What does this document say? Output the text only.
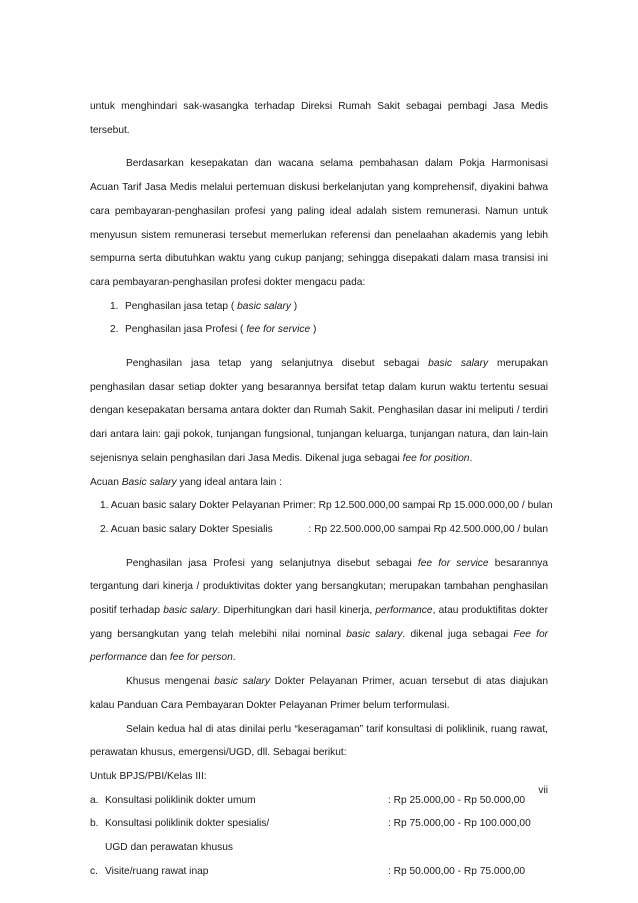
untuk menghindari sak-wasangka terhadap Direksi Rumah Sakit sebagai pembagi Jasa Medis tersebut.

Berdasarkan kesepakatan dan wacana selama pembahasan dalam Pokja Harmonisasi Acuan Tarif Jasa Medis melalui pertemuan diskusi berkelanjutan yang komprehensif, diyakini bahwa cara pembayaran-penghasilan profesi yang paling ideal adalah sistem remunerasi. Namun untuk menyusun sistem remunerasi tersebut memerlukan referensi dan penelaahan akademis yang lebih sempurna serta dibutuhkan waktu yang cukup panjang; sehingga disepakati dalam masa transisi ini cara pembayaran-penghasilan profesi dokter mengacu pada:

1. Penghasilan jasa tetap ( basic salary )
2. Penghasilan jasa Profesi ( fee for service )

Penghasilan jasa tetap yang selanjutnya disebut sebagai basic salary merupakan penghasilan dasar setiap dokter yang besarannya bersifat tetap dalam kurun waktu tertentu sesuai dengan kesepakatan bersama antara dokter dan Rumah Sakit. Penghasilan dasar ini meliputi / terdiri dari antara lain: gaji pokok, tunjangan fungsional, tunjangan keluarga, tunjangan natura, dan lain-lain sejenisnya selain penghasilan dari Jasa Medis. Dikenal juga sebagai fee for position.

Acuan Basic salary yang ideal antara lain :

1. Acuan basic salary Dokter Pelayanan Primer : Rp 12.500.000,00 sampai Rp 15.000.000,00 / bulan
2. Acuan basic salary Dokter Spesialis	: Rp 22.500.000,00 sampai Rp 42.500.000,00 / bulan

Penghasilan jasa Profesi yang selanjutnya disebut sebagai fee for service besarannya tergantung dari kinerja / produktivitas dokter yang bersangkutan; merupakan tambahan penghasilan positif terhadap basic salary. Diperhitungkan dari hasil kinerja, performance, atau produktifitas dokter yang bersangkutan yang telah melebihi nilai nominal basic salary. dikenal juga sebagai Fee for performance dan fee for person.

Khusus mengenai basic salary Dokter Pelayanan Primer, acuan tersebut di atas diajukan kalau Panduan Cara Pembayaran Dokter Pelayanan Primer belum terformulasi.

Selain kedua hal di atas dinilai perlu “keseragaman” tarif konsultasi di poliklinik, ruang rawat, perawatan khusus, emergensi/UGD, dll. Sebagai berikut:

Untuk BPJS/PBI/Kelas III:

a. Konsultasi poliklinik dokter umum	: Rp 25.000,00 - Rp 50.000,00
b. Konsultasi poliklinik dokter spesialis/	: Rp 75.000,00 - Rp 100.000,00
UGD dan perawatan khusus
c. Visite/ruang rawat inap	: Rp 50.000,00 - Rp 75.000,00
vii
